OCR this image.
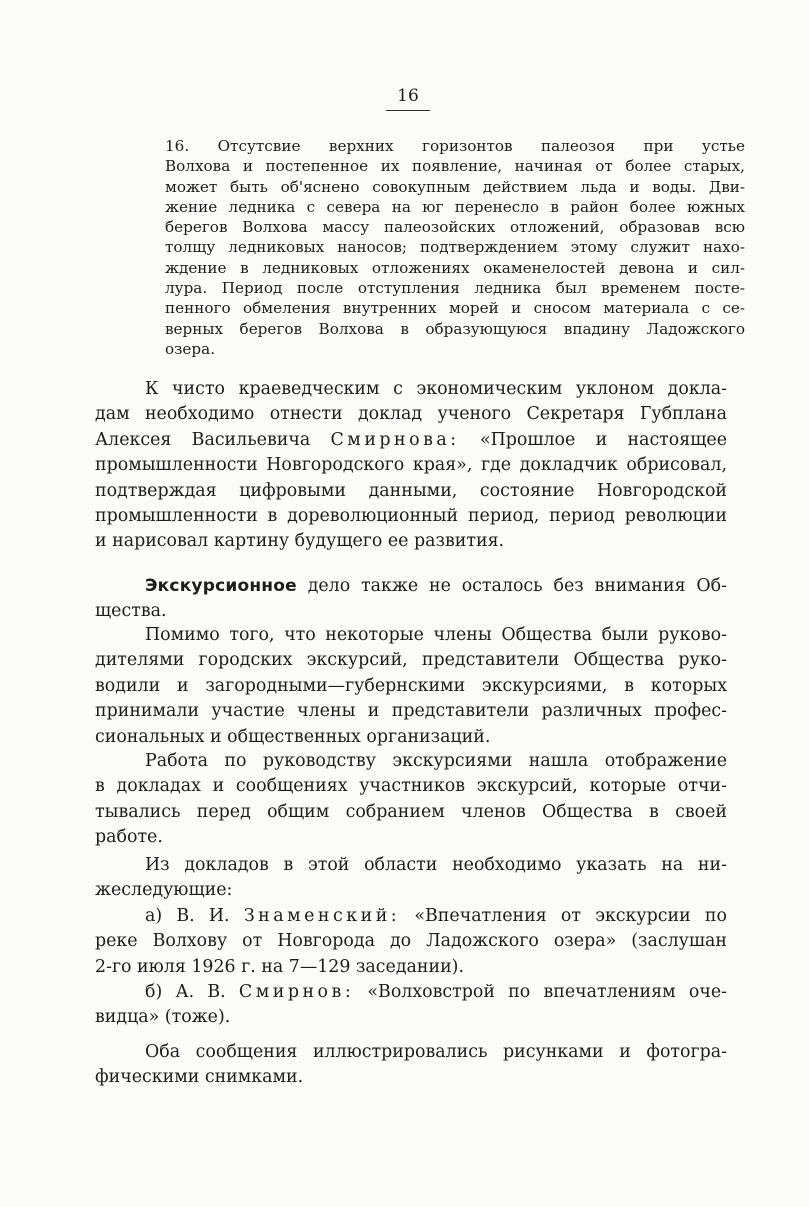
16

16. Отсутсвие верхних горизонтов палеозоя при устье

Волхова и постепенное их появление, начиная от более старых,

может быть об'яснено совокупным действием льда и воды. Дви-

жение ледника с севера на юг перенесло в район более южных

берегов Волхова массу палеозойских отложений, образовав всю

толщу ледниковых наносов; подтверждением этому служит нахо-

ждение в ледниковых отложениях окаменелостей девона и сил-

лура. Период после отступления ледника был временем посте-

пенного обмеления внутренних морей и сносом материала с се-

верных берегов Волхова в образующуюся впадину Ладожского

озера.

К чисто краеведческим с экономическим уклоном докла-
дам необходимо отнести доклад ученого Секретаря Губплана
Алексея Васильевича Смирнова: «Прошлое и настоящее
промышленности Новгородского края», где докладчик обрисовал,
подтверждая цифровыми данными, состояние Новгородской
промышленности в дореволюционный период, период революции
и нарисовал картину будущего ее развития.
Экскурсионное дело также не осталось без внимания Об-
щества.
Помимо того, что некоторые члены Общества были руково-
дителями городских экскурсий, представители Общества руко-
водили и загородными—губернскими экскурсиями, в которых
принимали участие члены и представители различных профес-
сиональных и общественных организаций.
Работа по руководству экскурсиями нашла отображение
в докладах и сообщениях участников экскурсий, которые отчи-
тывались перед общим собранием членов Общества в своей
работе.
Из докладов в этой области необходимо указать на ни-
жеследующие:
а) В. И. Знаменский: «Впечатления от экскурсии по
реке Волхову от Новгорода до Ладожского озера» (заслушан
2-го июля 1926 г. на 7—129 заседании).
б) А. В. Смирнов: «Волховстрой по впечатлениям оче-
видца» (тоже).
Оба сообщения иллюстрировались рисунками и фотогра-
фическими снимками.
